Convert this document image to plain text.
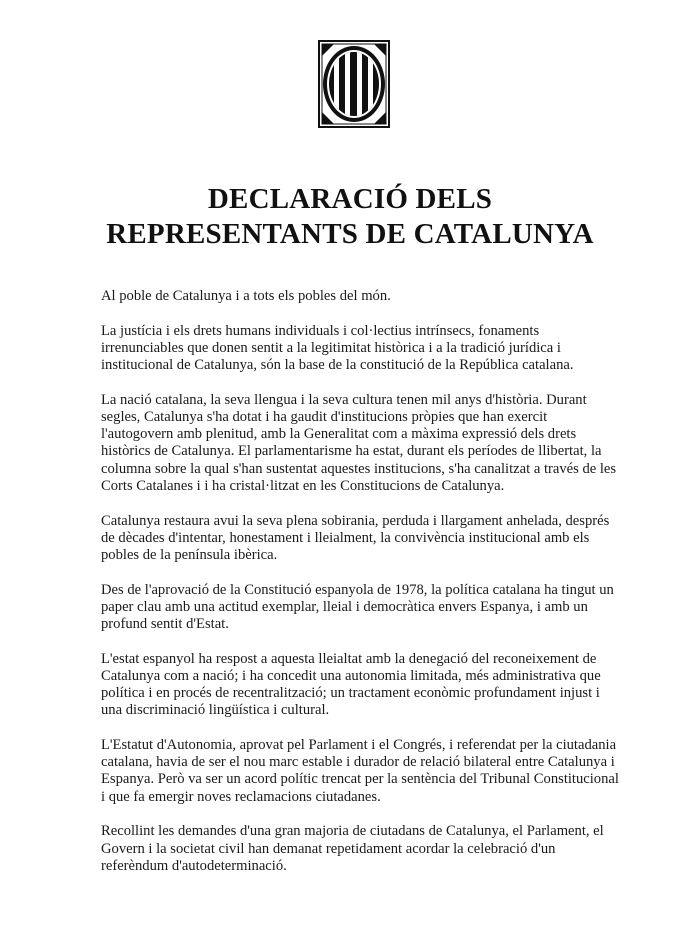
DECLARACIÓ DELS
REPRESENTANTS DE CATALUNYA

Al poble de Catalunya i a tots els pobles del món.

La justícia i els drets humans individuals i col·lectius intrínsecs, fonaments irrenunciables que donen sentit a la legitimitat històrica i a la tradició jurídica i institucional de Catalunya, són la base de la constitució de la República catalana.

La nació catalana, la seva llengua i la seva cultura tenen mil anys d'història. Durant segles, Catalunya s'ha dotat i ha gaudit d'institucions pròpies que han exercit l'autogovern amb plenitud, amb la Generalitat com a màxima expressió dels drets històrics de Catalunya. El parlamentarisme ha estat, durant els períodes de llibertat, la columna sobre la qual s'han sustentat aquestes institucions, s'ha canalitzat a través de les Corts Catalanes i i ha cristal·litzat en les Constitucions de Catalunya.

Catalunya restaura avui la seva plena sobirania, perduda i llargament anhelada, després de dècades d'intentar, honestament i lleialment, la convivència institucional amb els pobles de la península ibèrica.

Des de l'aprovació de la Constitució espanyola de 1978, la política catalana ha tingut un paper clau amb una actitud exemplar, lleial i democràtica envers Espanya, i amb un profund sentit d'Estat.

L'estat espanyol ha respost a aquesta lleialtat amb la denegació del reconeixement de Catalunya com a nació; i ha concedit una autonomia limitada, més administrativa que política i en procés de recentralització; un tractament econòmic profundament injust i una discriminació lingüística i cultural.

L'Estatut d'Autonomia, aprovat pel Parlament i el Congrés, i referendat per la ciutadania catalana, havia de ser el nou marc estable i durador de relació bilateral entre Catalunya i Espanya. Però va ser un acord polític trencat per la sentència del Tribunal Constitucional i que fa emergir noves reclamacions ciutadanes.

Recollint les demandes d'una gran majoria de ciutadans de Catalunya, el Parlament, el Govern i la societat civil han demanat repetidament acordar la celebració d'un referèndum d'autodeterminació.
